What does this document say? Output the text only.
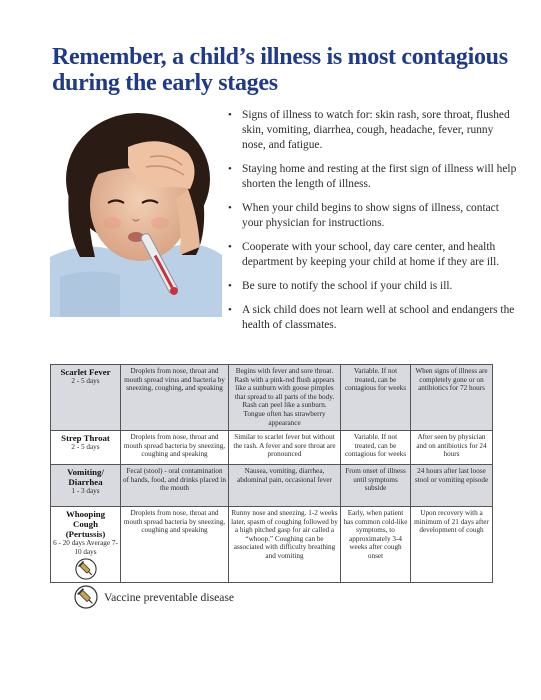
Remember, a child’s illness is most contagious during the early stages
• Signs of illness to watch for: skin rash, sore throat, flushed skin, vomiting, diarrhea, cough, headache, fever, runny nose, and fatigue.
• Staying home and resting at the first sign of illness will help shorten the length of illness.
• When your child begins to show signs of illness, contact your physician for instructions.
• Cooperate with your school, day care center, and health department by keeping your child at home if they are ill.
• Be sure to notify the school if your child is ill.
• A sick child does not learn well at school and endangers the health of classmates.
Scarlet Fever
2 - 5 days	Droplets from nose, throat and mouth spread virus and bacteria by sneezing, coughing, and speaking	Begins with fever and sore throat. Rash with a pink-red flush appears like a sunburn with goose pimples that spread to all parts of the body. Rash can peel like a sunburn. Tongue often has strawberry appearance	Variable. If not treated, can be contagious for weeks	When signs of illness are completely gone or on antibiotics for 72 hours

Strep Throat
2 - 5 days	Droplets from nose, throat and mouth spread bacteria by sneezing, coughing and speaking	Similar to scarlet fever but without the rash. A fever and sore throat are pronounced	Variable. If not treated, can be contagious for weeks	After seen by physician and on antibiotics for 24 hours

Vomiting/ Diarrhea
1 - 3 days	Fecal (stool) - oral contamination of hands, food, and drinks placed in the mouth	Nausea, vomiting, diarrhea, abdominal pain, occasional fever	From onset of illness until symptoms subside	24 hours after last loose stool or vomiting episode

Whooping Cough (Pertussis)
6 - 20 days Average 7-10 days	Droplets from nose, throat and mouth spread bacteria by sneezing, coughing and speaking	Runny nose and sneezing. 1-2 weeks later, spasm of coughing followed by a high pitched gasp for air called a “whoop.” Coughing can be associated with difficulty breathing and vomiting	Early, when patient has common cold-like symptoms, to approximately 3-4 weeks after cough onset	Upon recovery with a minimum of 21 days after development of cough
Vaccine preventable disease
